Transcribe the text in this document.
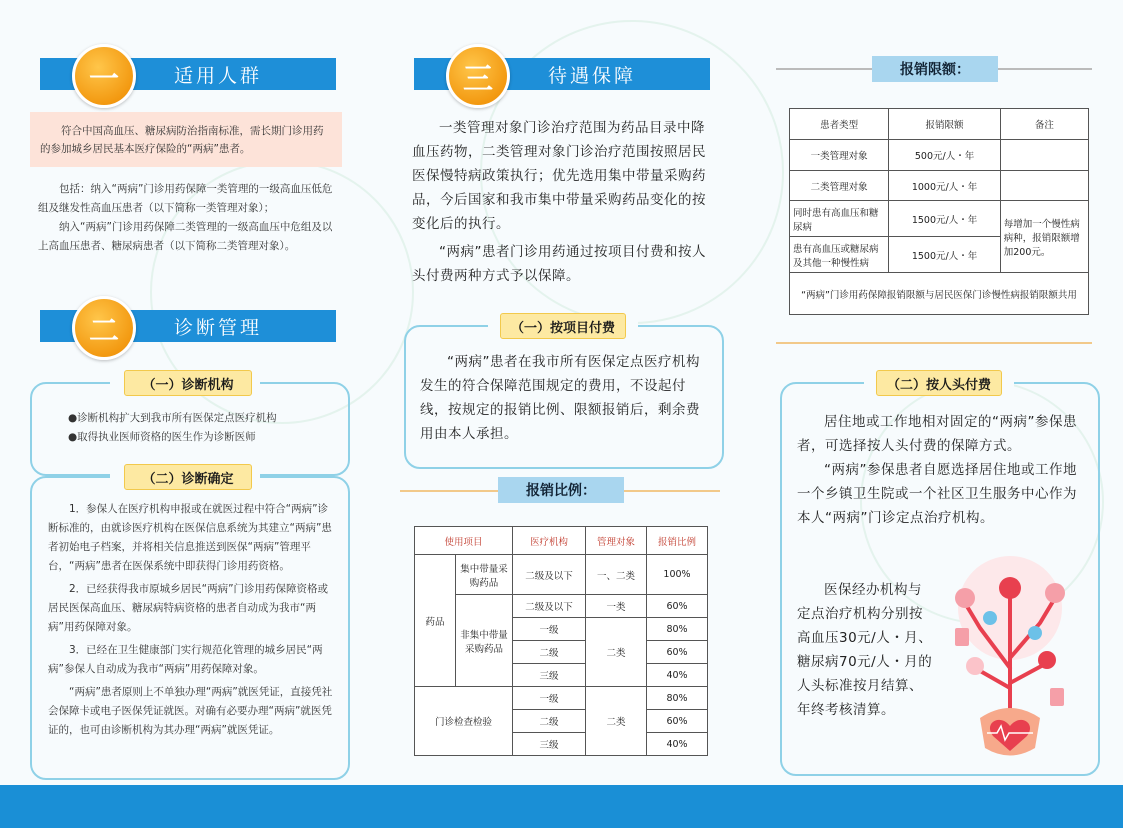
适用人群
一

符合中国高血压、糖尿病防治指南标准，需长期门诊用药的参加城乡居民基本医疗保险的“两病”患者。

包括：纳入“两病”门诊用药保障一类管理的一级高血压低危组及继发性高血压患者（以下简称一类管理对象）；

纳入“两病”门诊用药保障二类管理的一级高血压中危组及以上高血压患者、糖尿病患者（以下简称二类管理对象）。

诊断管理
二
（一）诊断机构
●诊断机构扩大到我市所有医保定点医疗机构
●取得执业医师资格的医生作为诊断医师
（二）诊断确定

1．参保人在医疗机构申报或在就医过程中符合“两病”诊断标准的，由就诊医疗机构在医保信息系统为其建立“两病”患者初始电子档案，并将相关信息推送到医保“两病”管理平台，“两病”患者在医保系统中即获得门诊用药资格。

2．已经获得我市原城乡居民“两病”门诊用药保障资格或居民医保高血压、糖尿病特病资格的患者自动成为我市“两病”用药保障对象。

3．已经在卫生健康部门实行规范化管理的城乡居民“两病”参保人自动成为我市“两病”用药保障对象。

“两病”患者原则上不单独办理“两病”就医凭证，直接凭社会保障卡或电子医保凭证就医。对确有必要办理“两病”就医凭证的，也可由诊断机构为其办理“两病”就医凭证。

待遇保障
三

一类管理对象门诊治疗范围为药品目录中降血压药物，二类管理对象门诊治疗范围按照居民医保慢特病政策执行；优先选用集中带量采购药品，今后国家和我市集中带量采购药品变化的按变化后的执行。

“两病”患者门诊用药通过按项目付费和按人头付费两种方式予以保障。

（一）按项目付费

“两病”患者在我市所有医保定点医疗机构发生的符合保障范围规定的费用，不设起付线，按规定的报销比例、限额报销后，剩余费用由本人承担。

报销比例：
使用项目		医疗机构	管理对象	报销比例
药品	集中带量采购药品	二级及以下	一、二类	100%
	非集中带量采购药品	二级及以下	一类	60%
		一级	二类	80%
		二级		60%
		三级		40%
门诊检查检验		一级	二类	80%
		二级		60%
		三级		40%
报销限额：
患者类型	报销限额	备注
一类管理对象	500元/人・年	
二类管理对象	1000元/人・年	
同时患有高血压和糖尿病	1500元/人・年	每增加一个慢性病病种，报销限额增加200元。
患有高血压或糖尿病及其他一种慢性病	1500元/人・年	
“两病”门诊用药保障报销限额与居民医保门诊慢性病报销限额共用		
（二）按人头付费

居住地或工作地相对固定的“两病”参保患者，可选择按人头付费的保障方式。

“两病”参保患者自愿选择居住地或工作地一个乡镇卫生院或一个社区卫生服务中心作为本人“两病”门诊定点治疗机构。

医保经办机构与定点治疗机构分别按高血压30元/人・月、糖尿病70元/人・月的人头标准按月结算、年终考核清算。
